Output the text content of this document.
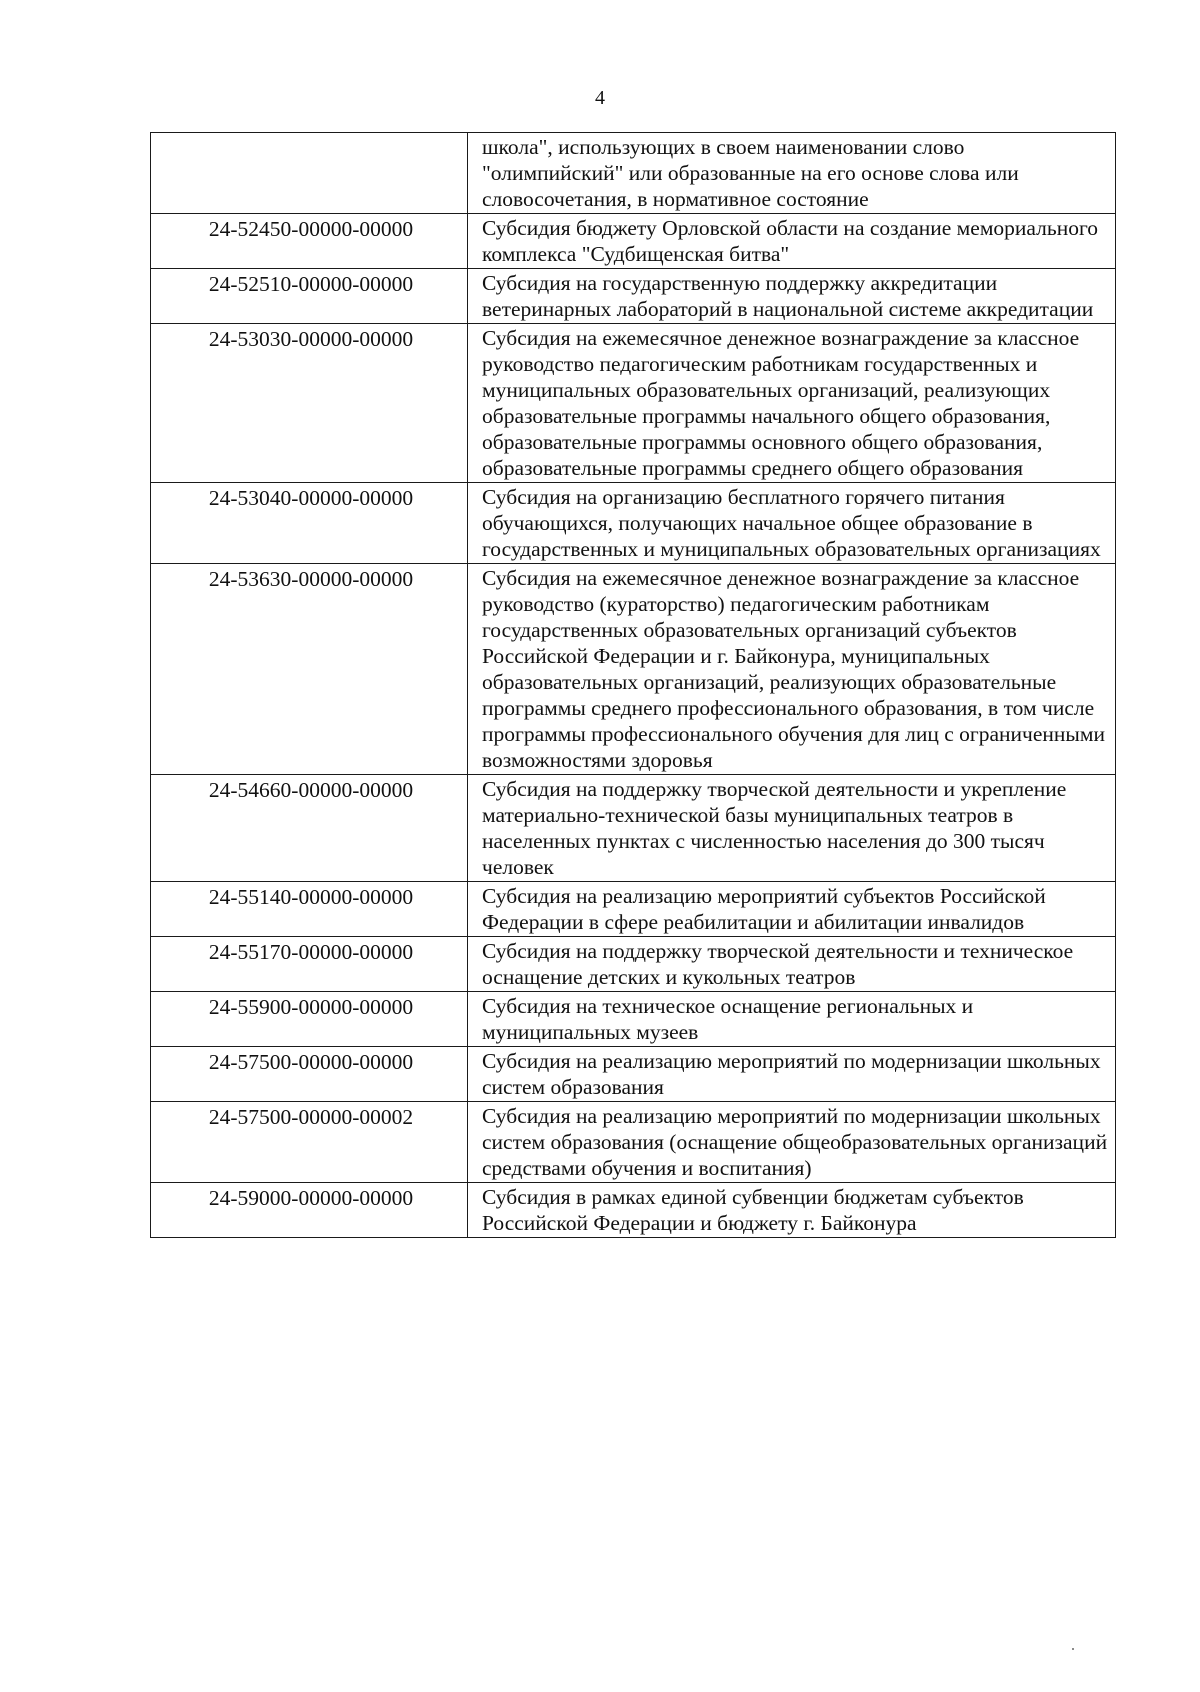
4
	школа", использующих в своем наименовании слово "олимпийский" или образованные на его основе слова или словосочетания, в нормативное состояние
24-52450-00000-00000	Субсидия бюджету Орловской области на создание мемориального комплекса "Судбищенская битва"
24-52510-00000-00000	Субсидия на государственную поддержку аккредитации ветеринарных лабораторий в национальной системе аккредитации
24-53030-00000-00000	Субсидия на ежемесячное денежное вознаграждение за классное руководство педагогическим работникам государственных и муниципальных образовательных организаций, реализующих образовательные программы начального общего образования, образовательные программы основного общего образования, образовательные программы среднего общего образования
24-53040-00000-00000	Субсидия на организацию бесплатного горячего питания обучающихся, получающих начальное общее образование в государственных и муниципальных образовательных организациях
24-53630-00000-00000	Субсидия на ежемесячное денежное вознаграждение за классное руководство (кураторство) педагогическим работникам государственных образовательных организаций субъектов Российской Федерации и г. Байконура, муниципальных образовательных организаций, реализующих образовательные программы среднего профессионального образования, в том числе программы профессионального обучения для лиц с ограниченными возможностями здоровья
24-54660-00000-00000	Субсидия на поддержку творческой деятельности и укрепление материально-технической базы муниципальных театров в населенных пунктах с численностью населения до 300 тысяч человек
24-55140-00000-00000	Субсидия на реализацию мероприятий субъектов Российской Федерации в сфере реабилитации и абилитации инвалидов
24-55170-00000-00000	Субсидия на поддержку творческой деятельности и техническое оснащение детских и кукольных театров
24-55900-00000-00000	Субсидия на техническое оснащение региональных и муниципальных музеев
24-57500-00000-00000	Субсидия на реализацию мероприятий по модернизации школьных систем образования
24-57500-00000-00002	Субсидия на реализацию мероприятий по модернизации школьных систем образования (оснащение общеобразовательных организаций средствами обучения и воспитания)
24-59000-00000-00000	Субсидия в рамках единой субвенции бюджетам субъектов Российской Федерации и бюджету г. Байконура
